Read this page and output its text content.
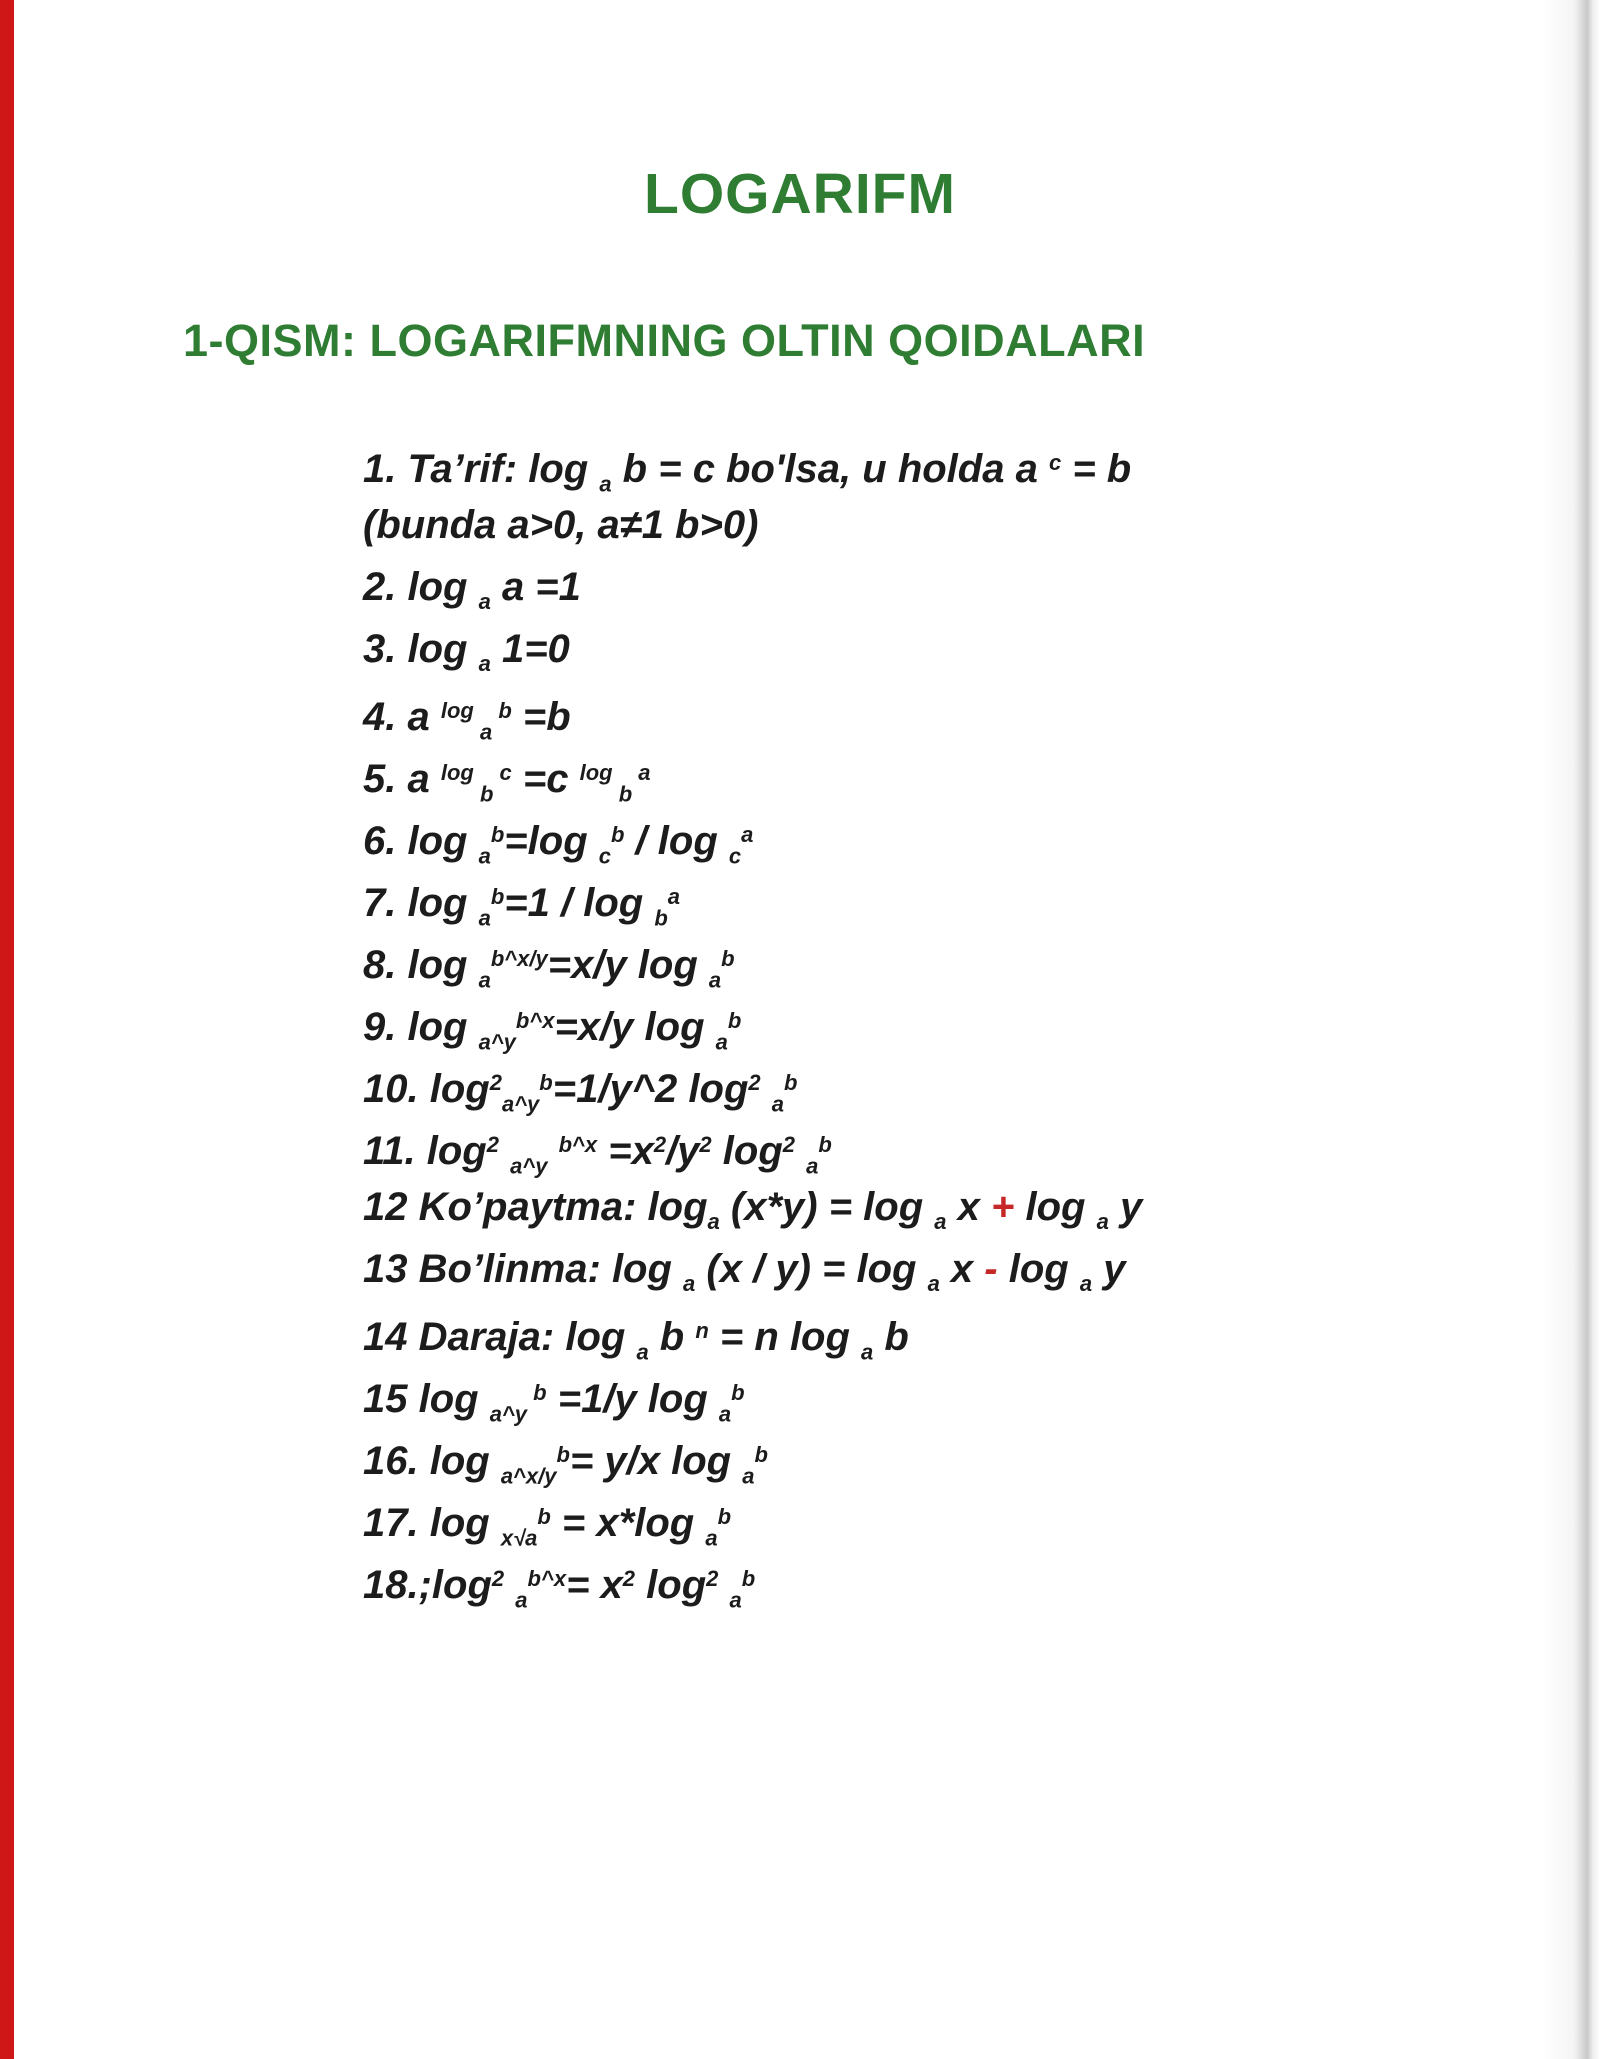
LOGARIFM
1-QISM: LOGARIFMNING OLTIN QOIDALARI
1. Ta’rif: log $_a$ b = c bo'lsa, u holda a $^c$ = b
(bunda a>0, a≠1 b>0)
2. log $_a$ a =1
3. log $_a$ 1=0
4. a $^{log}$ $_a$ $^b$ =b
5. a $^{log}$ $_b$ $^c$ =c $^{log}$ $_b$ $^a$
6. log $_a^b$=log $_c^b$ / log $_c^a$
7. log $_a^b$=1 / log $_b^a$
8. log $_a^{b\^{}x/y}$=x/y log $_a^b$
9. log $_{a\^{}y}^{b\^{}x}$=x/y log $_a^b$
10. $\log^2_{a\^{}y}^b=1/y\^{}2$ $\log^2 _a^b$
11. $\log^2 _{a\^{}y}$ $^{b\^{}x} =x^2/y^2$ $\log^2 _a^b$
12 Ko’paytma: $\log_a (x*y) = \log _a$ x + log $_a$ y
13 Bo’linma: log $_a$ (x / y) = log $_a$ x - log $_a$ y
14 Daraja: log $_a$ b $^n$ = n log $_a$ b
15 log $_{a\^{}y}$ $^b$ =1/y log $_a^b$
16. log $_{a\^{}x/y}^b$= y/x log $_a^b$
17. log $_{x√a}^b$ = x*log $_a^b$
$18.;\log^2$ $_a^{b\^{}x}= x^2$ $\log^2 _a^b$
